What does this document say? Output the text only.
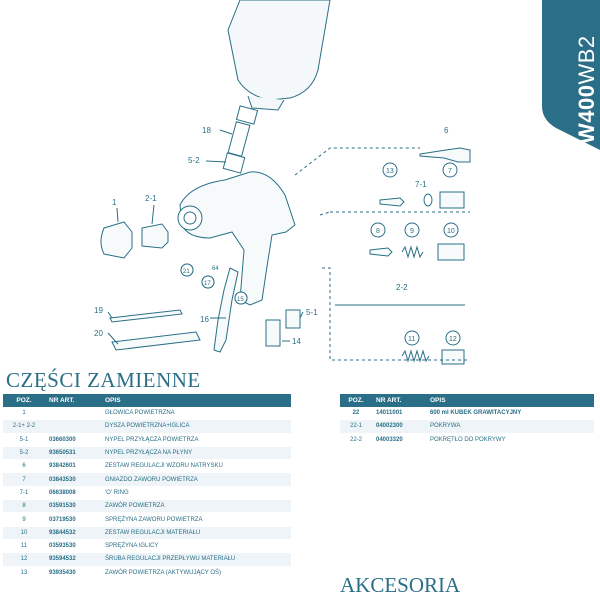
18
5-2
1	2-1
21	64
17
15
16
19
20
5-1
14
6
13
7-1
7
8	9	10
2-2
11	12
W400WB2
CZĘŚCI ZAMIENNE
POZ.	NR ART.	OPIS
1		GŁOWICA POWIETRZNA
2-1+ 2-2		DYSZA POWIETRZNA+IGLICA
5-1	03660300	NYPEL PRZYŁĄCZA POWIETRZA
5-2	93650531	NYPEL PRZYŁĄCZA NA PŁYNY
6	93842601	ZESTAW REGULACJI WZORU NATRYSKU
7	03843530	GNIAZDO ZAWORU POWIETRZA
7-1	06638008	'O' RING
8	03591530	ZAWÓR POWIETRZA
9	03719530	SPRĘŻYNA ZAWORU POWIETRZA
10	93844532	ZESTAW REGULACJI MATERIAŁU
11	03593530	SPRĘŻYNA IGLICY
12	93594532	ŚRUBA REGULACJI PRZEPŁYWU MATERIAŁU
13	93935430	ZAWÓR POWIETRZA (AKTYWUJĄCY OŚ)
POZ.	NR ART.	OPIS
22	14011001	600 ml KUBEK GRAWITACYJNY
22-1	04002300	POKRYWA
22-2	04003320	POKRĘTŁO DO POKRYWY
AKCESORIA
